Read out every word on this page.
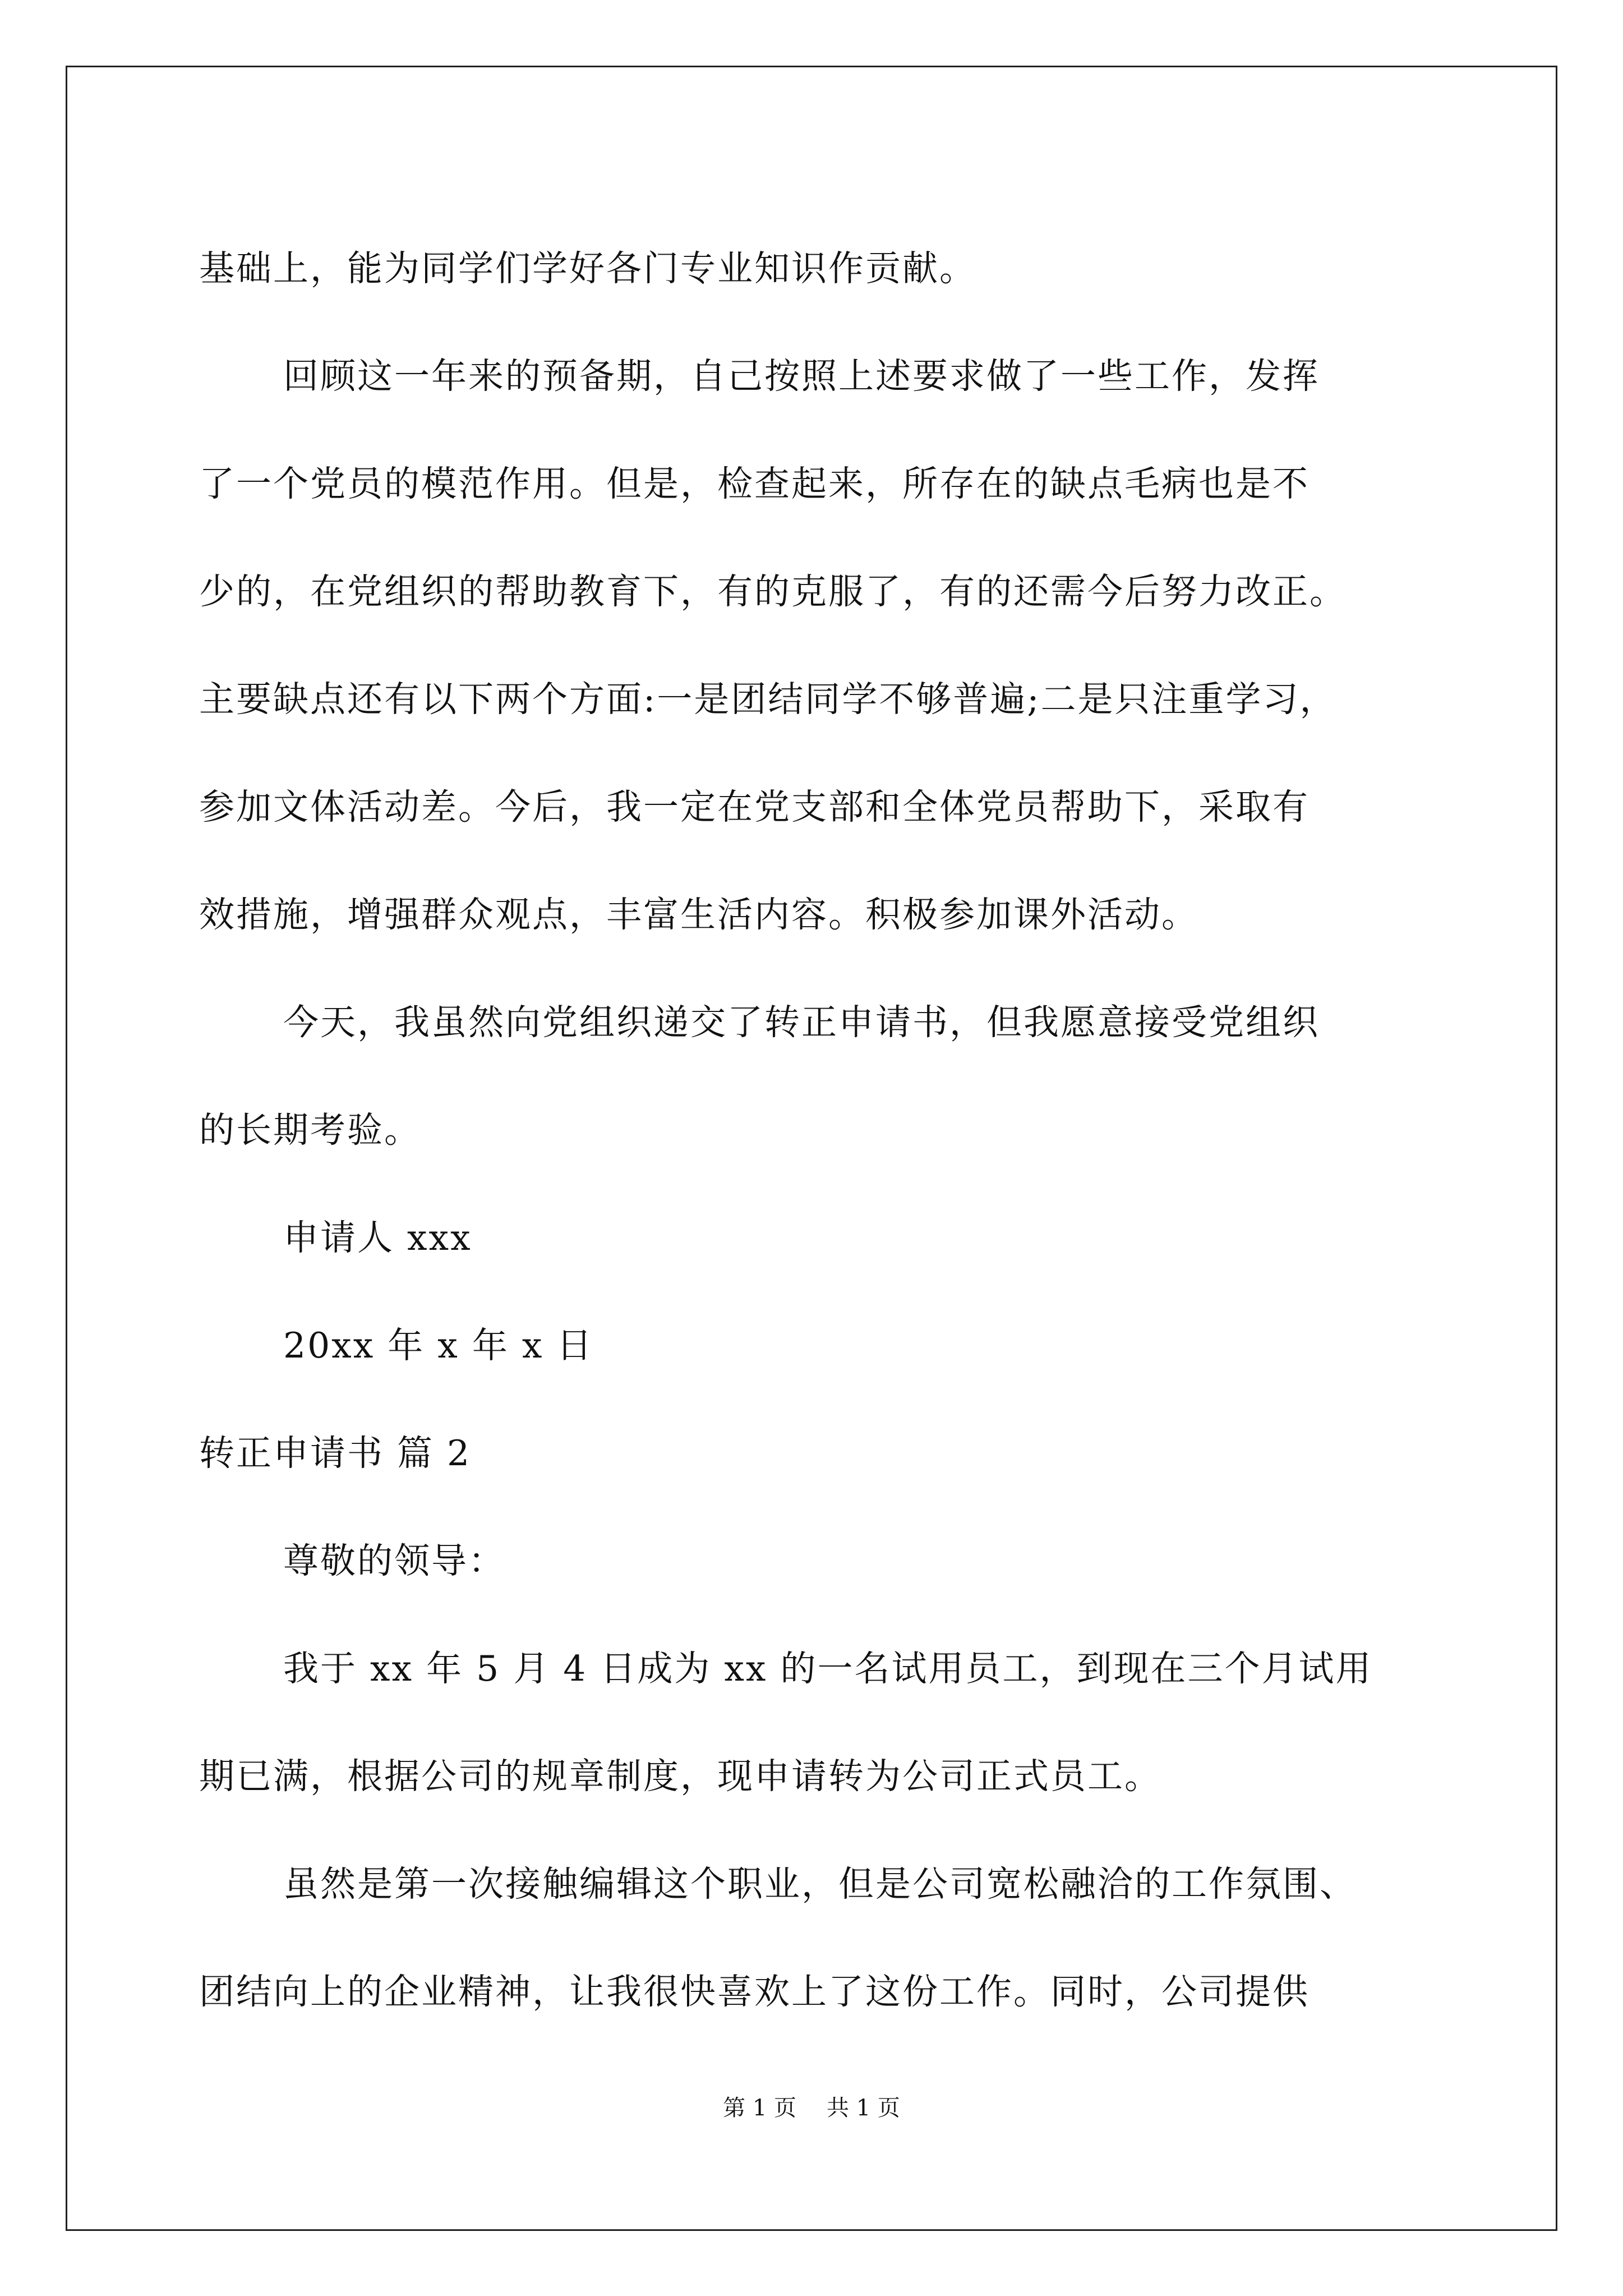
基础上，能为同学们学好各门专业知识作贡献。
回顾这一年来的预备期，自己按照上述要求做了一些工作，发挥
了一个党员的模范作用。但是，检查起来，所存在的缺点毛病也是不
少的，在党组织的帮助教育下，有的克服了，有的还需今后努力改正。
主要缺点还有以下两个方面:一是团结同学不够普遍;二是只注重学习，
参加文体活动差。今后，我一定在党支部和全体党员帮助下，采取有
效措施，增强群众观点，丰富生活内容。积极参加课外活动。
今天，我虽然向党组织递交了转正申请书，但我愿意接受党组织
的长期考验。
申请人 xxx
20xx 年 x 年 x 日
转正申请书 篇 2
尊敬的领导：
我于 xx 年 5 月 4 日成为 xx 的一名试用员工，到现在三个月试用
期已满，根据公司的规章制度，现申请转为公司正式员工。
虽然是第一次接触编辑这个职业，但是公司宽松融洽的工作氛围、
团结向上的企业精神，让我很快喜欢上了这份工作。同时，公司提供
第 1 页 共 1 页
